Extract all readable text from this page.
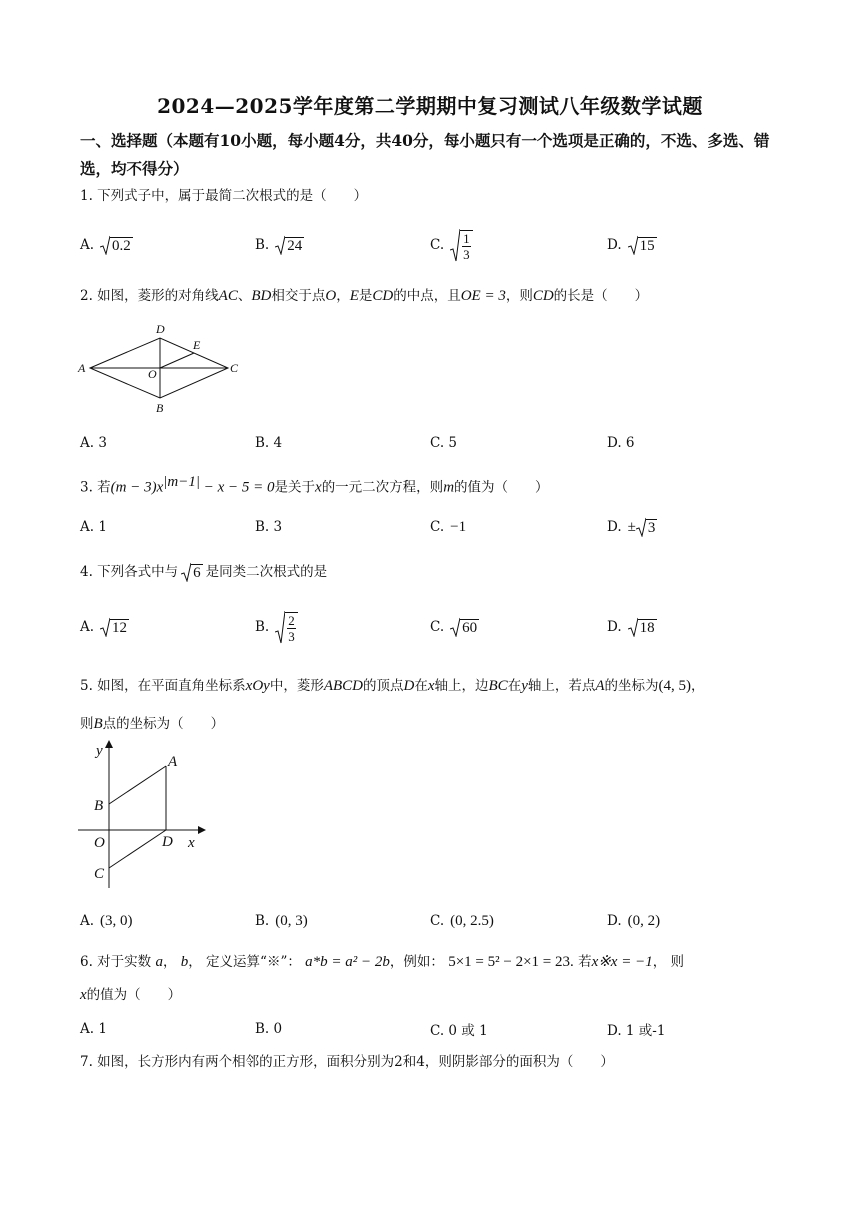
2024—2025学年度第二学期期中复习测试八年级数学试题
一、选择题（本题有10小题，每小题4分，共40分，每小题只有一个选项是正确的，不选、多选、错选，均不得分）
1. 下列式子中，属于最简二次根式的是（　　）
A. 0.2	B. 24	C. $\frac{1}{3}$	D. 15
2. 如图，菱形的对角线AC、BD相交于点O，E是CD的中点，且OE = 3，则CD的长是（　　）
A
D
E
O	C
B
A. 3	B. 4	C. 5	D. 6
3. 若$(m - 3)x^{|m-1|} - x - 5 = 0$是关于x的一元二次方程，则m的值为（　　）
A. 1	B. 3	C. −1	D. ± 3
4. 下列各式中与 6 是同类二次根式的是
A. 12	B. $\frac{2}{3}$	C. 60	D. 18
5. 如图，在平面直角坐标系xOy中，菱形ABCD的顶点D在x轴上，边BC在y轴上，若点A的坐标为(4, 5)，
则B点的坐标为（　　）
y
A
B
O	D x
C
A. (3, 0)	B. (0, 3)	C. (0, 2.5)	D. (0, 2)
6. 对于实数 a， b， 定义运算“※”： a*b = a² − 2b，例如： 5×1 = 5² − 2×1 = 23. 若x※x = −1， 则
x的值为（　　）
A. 1	B. 0	C. 0 或 1	D. 1 或-1
7. 如图，长方形内有两个相邻的正方形，面积分别为2和4，则阴影部分的面积为（　　）
